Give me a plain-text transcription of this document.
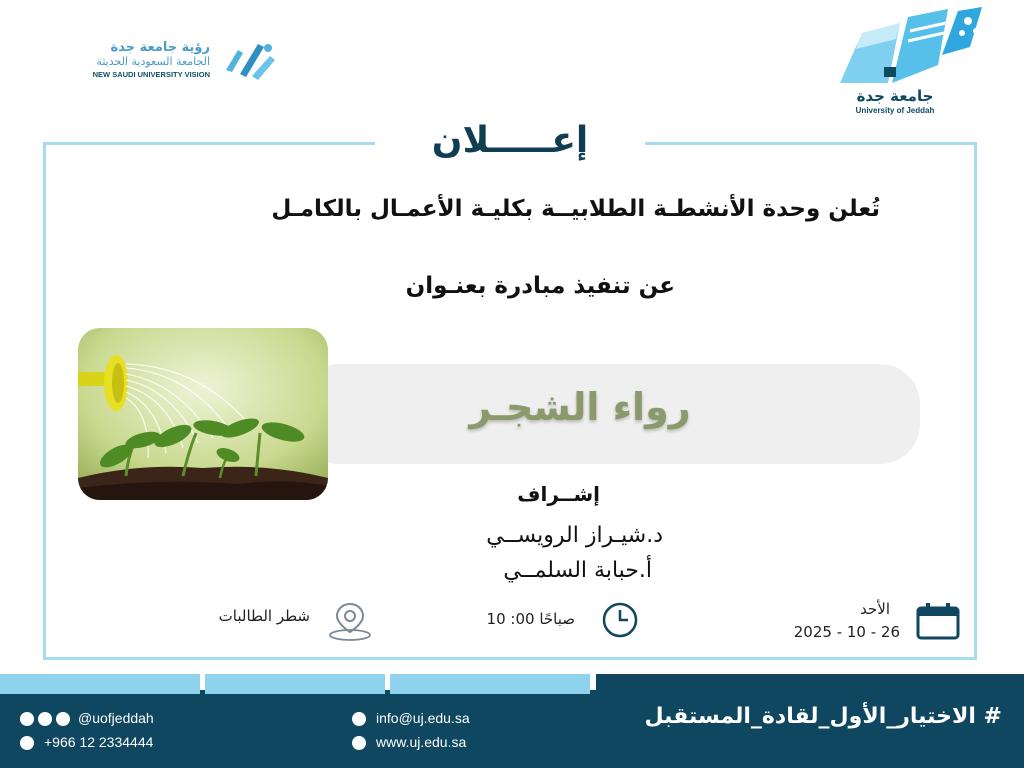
رؤية جامعة جدة
الجامعة السعودية الحديثة
NEW SAUDI UNIVERSITY VISION
جامعة جدة
University of Jeddah
إعـــــلان
تُعلن وحدة الأنشطـة الطلابيــة بكليـة الأعمـال بالكامـل
عن تنفيذ مبادرة بعنـوان
رواء الشجـر
إشــراف
د.شيـراز الرويســي
أ.حبابة السلمــي
شطر الطالبات	10 :00 صباحًا
الأحد
2025 - 10 - 26
@uofjeddah
+966 12 2334444
info@uj.edu.sa
www.uj.edu.sa
# الاختيار_الأول_لقادة_المستقبل
